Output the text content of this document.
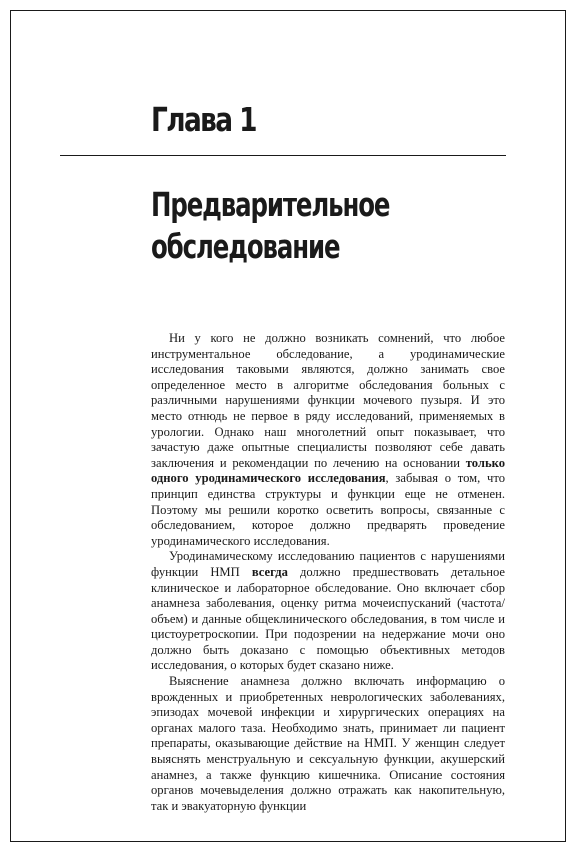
Глава 1
Предварительное
обследование

Ни у кого не должно возникать сомнений, что любое инструментальное обследование, а уродинамические исследования таковыми являются, должно занимать свое определенное место в алгоритме обследования больных с различными нарушениями функции мочевого пузыря. И это место отнюдь не первое в ряду исследований, применяемых в урологии. Однако наш многолетний опыт показывает, что зачастую даже опытные специалисты позволяют себе давать заключения и рекомендации по лечению на основании только одного уродинамического исследования, забывая о том, что принцип единства структуры и функции еще не отменен. Поэтому мы решили коротко осветить вопросы, связанные с обследованием, которое должно предварять проведение уродинамического исследования.

Уродинамическому исследованию пациентов с нарушениями функции НМП всегда должно предшествовать детальное клиническое и лабораторное обследование. Оно включает сбор анамнеза заболевания, оценку ритма мочеиспусканий (частота/объем) и данные общеклинического обследования, в том числе и цистоуретроскопии. При подозрении на недержание мочи оно должно быть доказано с помощью объективных методов исследования, о которых будет сказано ниже.

Выяснение анамнеза должно включать информацию о врожденных и приобретенных неврологических заболеваниях, эпизодах мочевой инфекции и хирургических операциях на органах малого таза. Необходимо знать, принимает ли пациент препараты, оказывающие действие на НМП. У женщин следует выяснять менструальную и сексуальную функции, акушерский анамнез, а также функцию кишечника. Описание состояния органов мочевыделения должно отражать как накопительную, так и эвакуаторную функции
